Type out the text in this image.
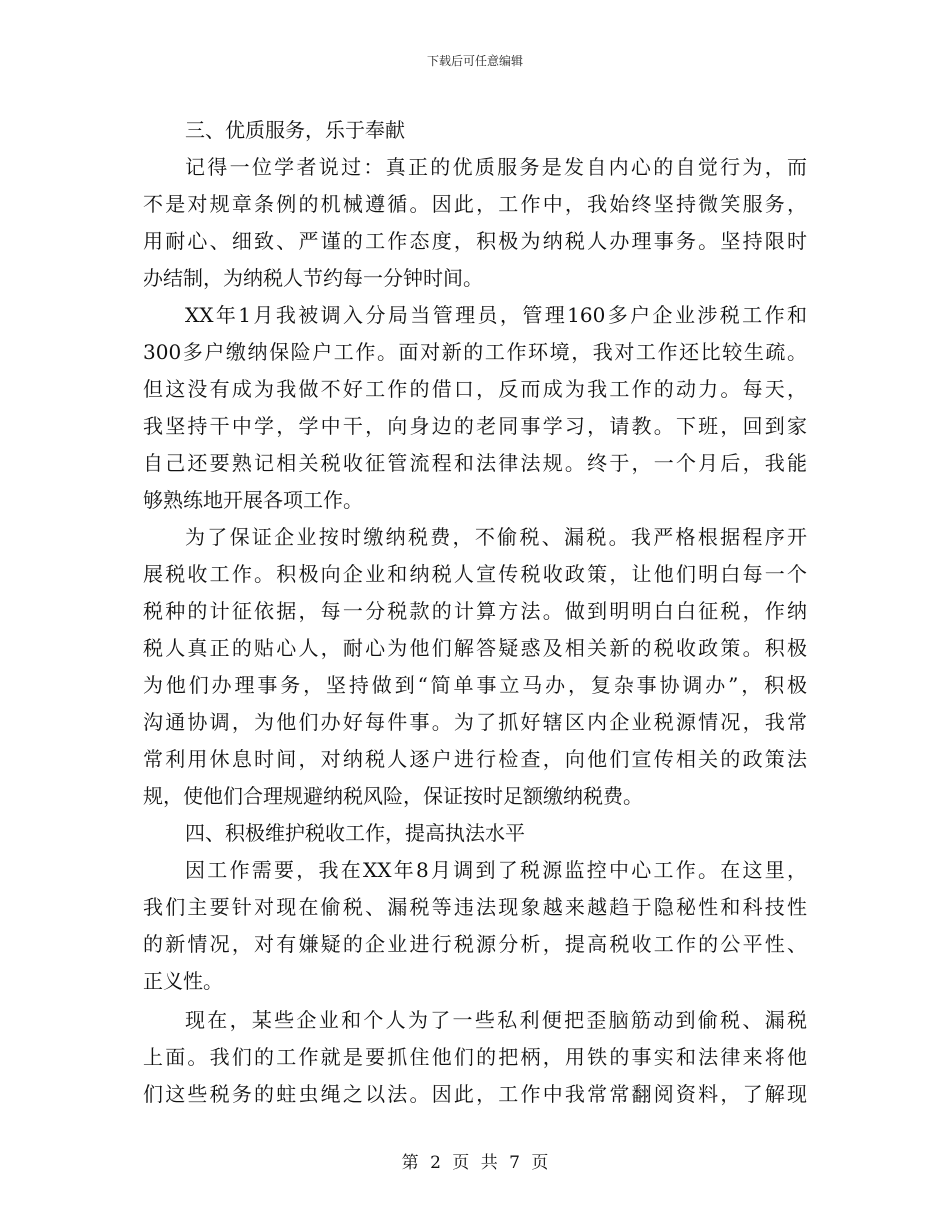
下载后可任意编辑
三、优质服务，乐于奉献
记得一位学者说过：真正的优质服务是发自内心的自觉行为，而
不是对规章条例的机械遵循。因此，工作中，我始终坚持微笑服务，
用耐心、细致、严谨的工作态度，积极为纳税人办理事务。坚持限时
办结制，为纳税人节约每一分钟时间。
XX年1月我被调入分局当管理员，管理160多户企业涉税工作和
300多户缴纳保险户工作。面对新的工作环境，我对工作还比较生疏。
但这没有成为我做不好工作的借口，反而成为我工作的动力。每天，
我坚持干中学，学中干，向身边的老同事学习，请教。下班，回到家
自己还要熟记相关税收征管流程和法律法规。终于，一个月后，我能
够熟练地开展各项工作。
为了保证企业按时缴纳税费，不偷税、漏税。我严格根据程序开
展税收工作。积极向企业和纳税人宣传税收政策，让他们明白每一个
税种的计征依据，每一分税款的计算方法。做到明明白白征税，作纳
税人真正的贴心人，耐心为他们解答疑惑及相关新的税收政策。积极
为他们办理事务，坚持做到“简单事立马办，复杂事协调办”，积极
沟通协调，为他们办好每件事。为了抓好辖区内企业税源情况，我常
常利用休息时间，对纳税人逐户进行检查，向他们宣传相关的政策法
规，使他们合理规避纳税风险，保证按时足额缴纳税费。
四、积极维护税收工作，提高执法水平
因工作需要，我在XX年8月调到了税源监控中心工作。在这里，
我们主要针对现在偷税、漏税等违法现象越来越趋于隐秘性和科技性
的新情况，对有嫌疑的企业进行税源分析，提高税收工作的公平性、
正义性。
现在，某些企业和个人为了一些私利便把歪脑筋动到偷税、漏税
上面。我们的工作就是要抓住他们的把柄，用铁的事实和法律来将他
们这些税务的蛀虫绳之以法。因此，工作中我常常翻阅资料，了解现
第 2 页 共 7 页
